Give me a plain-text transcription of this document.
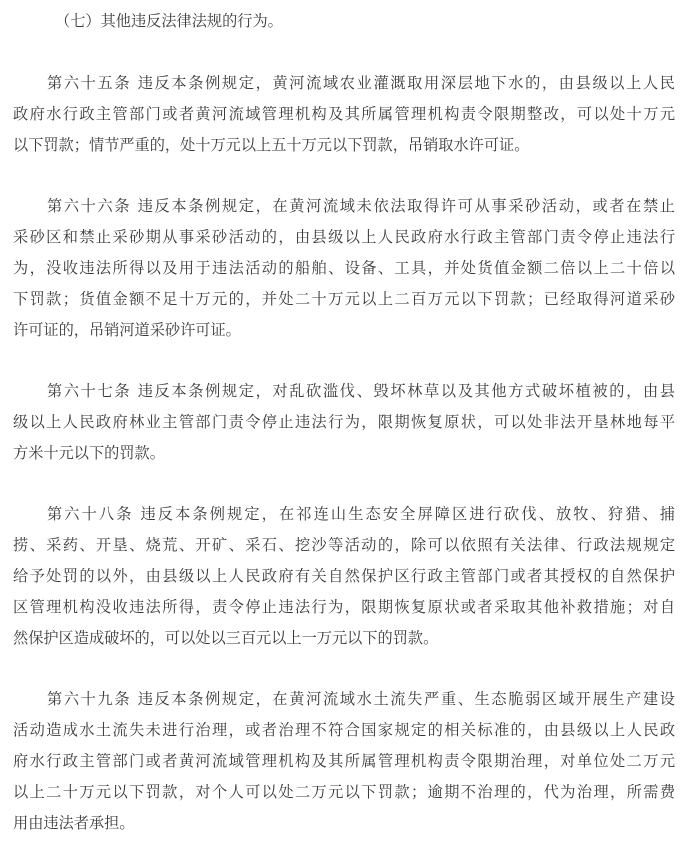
（七）其他违反法律法规的行为。
第六十五条 违反本条例规定，黄河流域农业灌溉取用深层地下水的，由县级以上人民
政府水行政主管部门或者黄河流域管理机构及其所属管理机构责令限期整改，可以处十万元
以下罚款；情节严重的，处十万元以上五十万元以下罚款，吊销取水许可证。
第六十六条 违反本条例规定，在黄河流域未依法取得许可从事采砂活动，或者在禁止
采砂区和禁止采砂期从事采砂活动的，由县级以上人民政府水行政主管部门责令停止违法行
为，没收违法所得以及用于违法活动的船舶、设备、工具，并处货值金额二倍以上二十倍以
下罚款；货值金额不足十万元的，并处二十万元以上二百万元以下罚款；已经取得河道采砂
许可证的，吊销河道采砂许可证。
第六十七条 违反本条例规定，对乱砍滥伐、毁坏林草以及其他方式破坏植被的，由县
级以上人民政府林业主管部门责令停止违法行为，限期恢复原状，可以处非法开垦林地每平
方米十元以下的罚款。
第六十八条 违反本条例规定，在祁连山生态安全屏障区进行砍伐、放牧、狩猎、捕
捞、采药、开垦、烧荒、开矿、采石、挖沙等活动的，除可以依照有关法律、行政法规规定
给予处罚的以外，由县级以上人民政府有关自然保护区行政主管部门或者其授权的自然保护
区管理机构没收违法所得，责令停止违法行为，限期恢复原状或者采取其他补救措施；对自
然保护区造成破坏的，可以处以三百元以上一万元以下的罚款。
第六十九条 违反本条例规定，在黄河流域水土流失严重、生态脆弱区域开展生产建设
活动造成水土流失未进行治理，或者治理不符合国家规定的相关标准的，由县级以上人民政
府水行政主管部门或者黄河流域管理机构及其所属管理机构责令限期治理，对单位处二万元
以上二十万元以下罚款，对个人可以处二万元以下罚款；逾期不治理的，代为治理，所需费
用由违法者承担。
